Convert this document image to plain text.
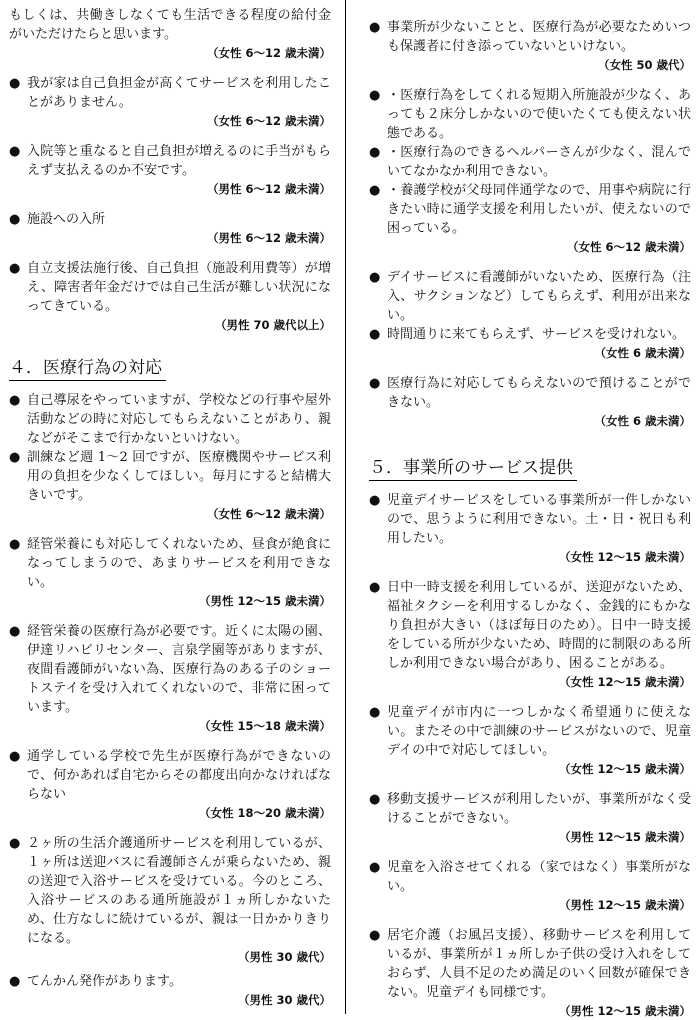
もしくは、共働きしなくても生活できる程度の給付金がいただけたらと思います。

（女性 6～12 歳未満）

● 我が家は自己負担金が高くてサービスを利用したことがありません。

（女性 6～12 歳未満）

● 入院等と重なると自己負担が増えるのに手当がもらえず支払えるのか不安です。

（男性 6～12 歳未満）

● 施設への入所

（男性 6～12 歳未満）

● 自立支援法施行後、自己負担（施設利用費等）が増え、障害者年金だけでは自己生活が難しい状況になってきている。

（男性 70 歳代以上）

４．医療行為の対応
● 自己導尿をやっていますが、学校などの行事や屋外活動などの時に対応してもらえないことがあり、親などがそこまで行かないといけない。
● 訓練など週 1～2 回ですが、医療機関やサービス利用の負担を少なくしてほしい。毎月にすると結構大きいです。

（女性 6～12 歳未満）

● 経管栄養にも対応してくれないため、昼食が絶食になってしまうので、あまりサービスを利用できない。

（男性 12～15 歳未満）

● 経管栄養の医療行為が必要です。近くに太陽の園、伊達リハビリセンター、言泉学園等がありますが、夜間看護師がいない為、医療行為のある子のショートステイを受け入れてくれないので、非常に困っています。

（女性 15～18 歳未満）

● 通学している学校で先生が医療行為ができないので、何かあれば自宅からその都度出向かなければならない

（女性 18～20 歳未満）

● ２ヶ所の生活介護通所サービスを利用しているが、１ヶ所は送迎バスに看護師さんが乗らないため、親の送迎で入浴サービスを受けている。今のところ、入浴サービスのある通所施設が１ヵ所しかないため、仕方なしに続けているが、親は一日かかりきりになる。

（男性 30 歳代）

● てんかん発作があります。

（男性 30 歳代）

● 事業所が少ないことと、医療行為が必要なためいつも保護者に付き添っていないといけない。

（女性 50 歳代）

● ・医療行為をしてくれる短期入所施設が少なく、あっても２床分しかないので使いたくても使えない状態である。
● ・医療行為のできるヘルパーさんが少なく、混んでいてなかなか利用できない。
● ・養護学校が父母同伴通学なので、用事や病院に行きたい時に通学支援を利用したいが、使えないので困っている。

（女性 6～12 歳未満）

● デイサービスに看護師がいないため、医療行為（注入、サクションなど）してもらえず、利用が出来ない。
● 時間通りに来てもらえず、サービスを受けれない。

（女性 6 歳未満）

● 医療行為に対応してもらえないので預けることができない。

（女性 6 歳未満）

５．事業所のサービス提供
● 児童デイサービスをしている事業所が一件しかないので、思うように利用できない。土・日・祝日も利用したい。

（女性 12～15 歳未満）

● 日中一時支援を利用しているが、送迎がないため、福祉タクシーを利用するしかなく、金銭的にもかなり負担が大きい（ほぼ毎日のため）。日中一時支援をしている所が少ないため、時間的に制限のある所しか利用できない場合があり、困ることがある。

（女性 12～15 歳未満）

● 児童デイが市内に一つしかなく希望通りに使えない。またその中で訓練のサービスがないので、児童デイの中で対応してほしい。

（女性 12～15 歳未満）

● 移動支援サービスが利用したいが、事業所がなく受けることができない。

（男性 12～15 歳未満）

● 児童を入浴させてくれる（家ではなく）事業所がない。

（男性 12～15 歳未満）

● 居宅介護（お風呂支援）、移動サービスを利用しているが、事業所が１ヵ所しか子供の受け入れをしておらず、人員不足のため満足のいく回数が確保できない。児童デイも同様です。

（男性 12～15 歳未満）
